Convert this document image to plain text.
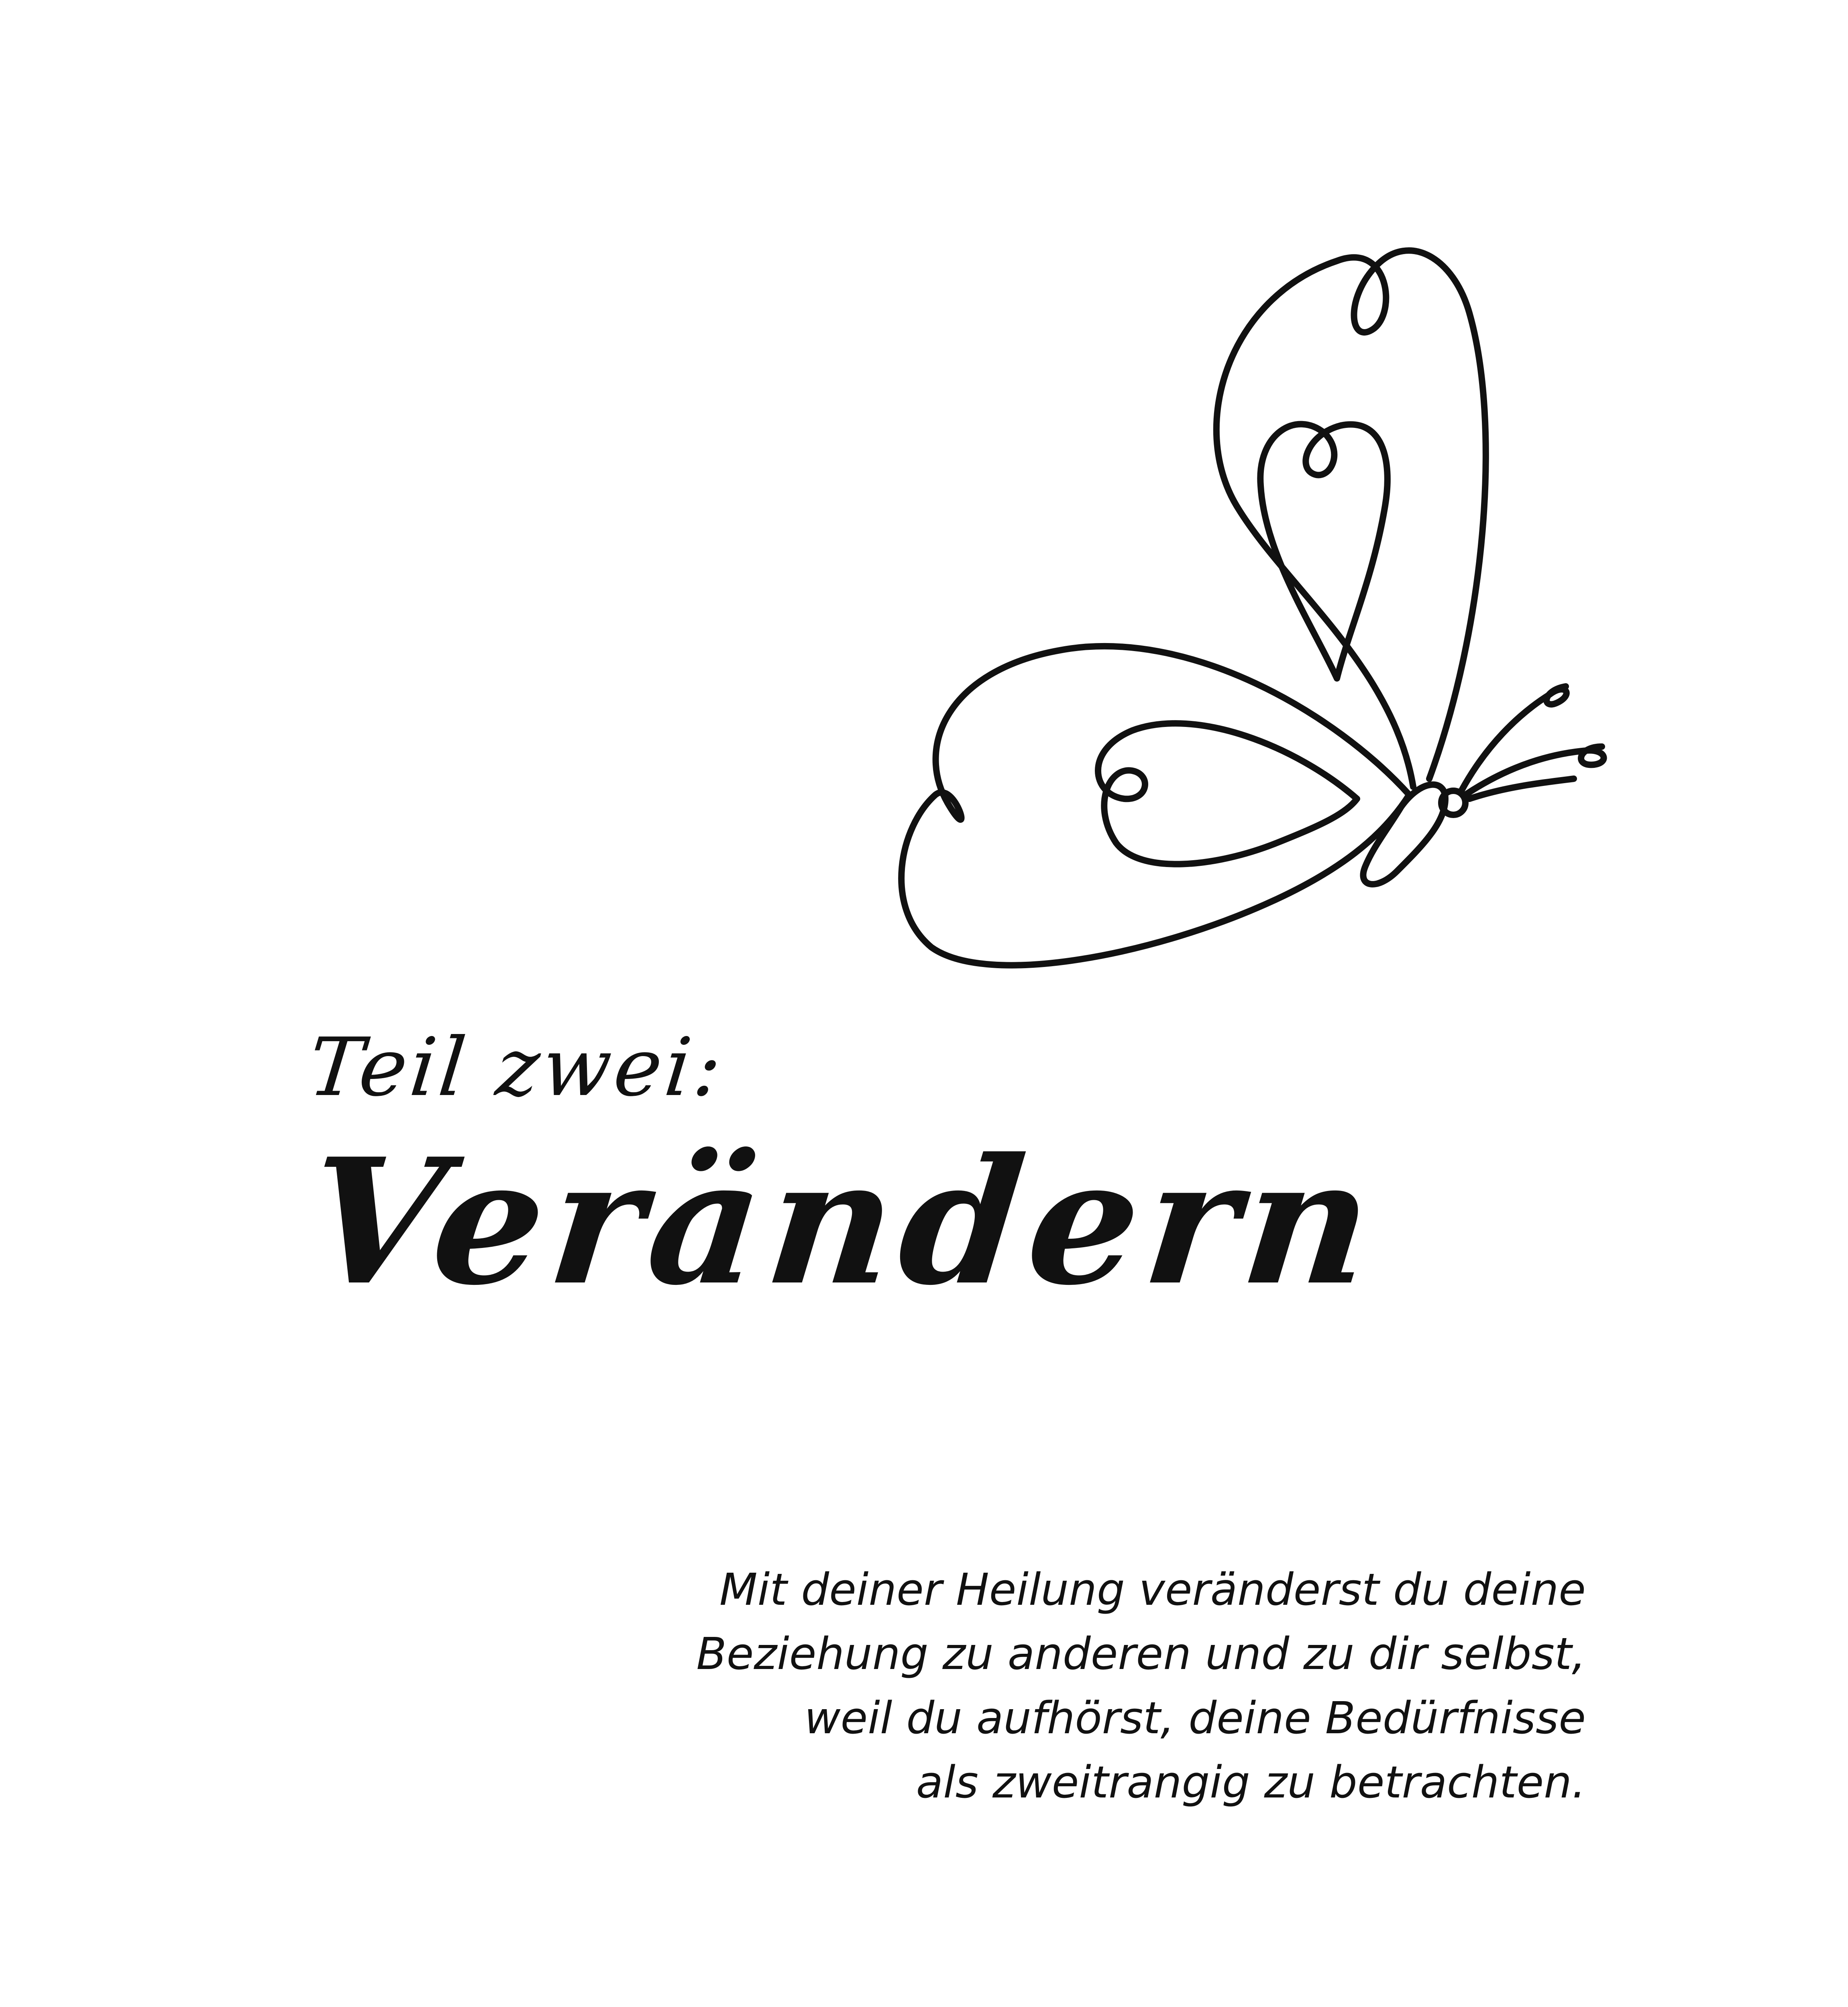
Teil zwei:
Verändern
Mit deiner Heilung veränderst du deine
Beziehung zu anderen und zu dir selbst,
weil du aufhörst, deine Bedürfnisse
als zweitrangig zu betrachten.
